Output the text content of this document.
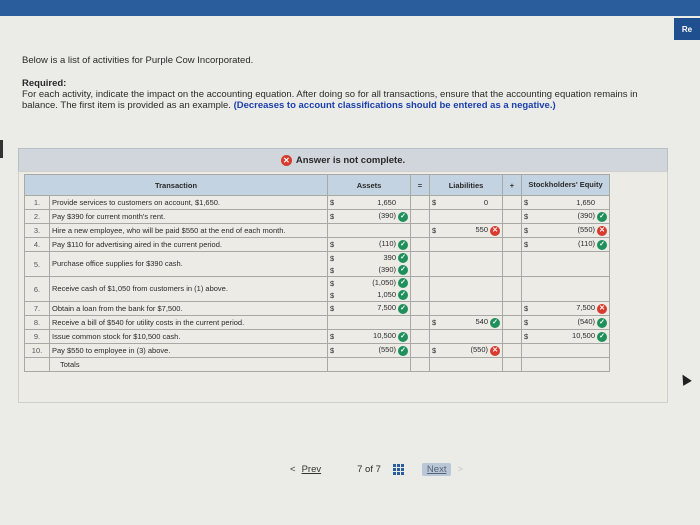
Re

Below is a list of activities for Purple Cow Incorporated.

Required:
For each activity, indicate the impact on the accounting equation. After doing so for all transactions, ensure that the accounting equation remains in balance. The first item is provided as an example. (Decreases to account classifications should be entered as a negative.)

✕ Answer is not complete.
Transaction		Assets	=	Liabilities	+	Stockholders' Equity
1.	Provide services to customers on account, $1,650.	$ 1,650		$ 0		$ 1,650

2.	Pay $390 for current month's rent.	$ (390) ✓				$ (390) ✓

3.	Hire a new employee, who will be paid $550 at the end of each month.			$ 550 ✕		$ (550) ✕

4.	Pay $110 for advertising aired in the current period.	$ (110) ✓				$ (110) ✓

5.	Purchase office supplies for $390 cash.	$ 390 ✓
$ (390) ✓				

6.	Receive cash of $1,050 from customers in (1) above.	$ (1,050) ✓
$ 1,050 ✓				

7.	Obtain a loan from the bank for $7,500.	$ 7,500 ✓				$ 7,500 ✕

8.	Receive a bill of $540 for utility costs in the current period.			$ 540 ✓		$ (540) ✓

9.	Issue common stock for $10,500 cash.	$ 10,500 ✓				$ 10,500 ✓

10.	Pay $550 to employee in (3) above.	$ (550) ✓		$ (550) ✕		

	Totals					
< Prev	7 of 7	Next	>
